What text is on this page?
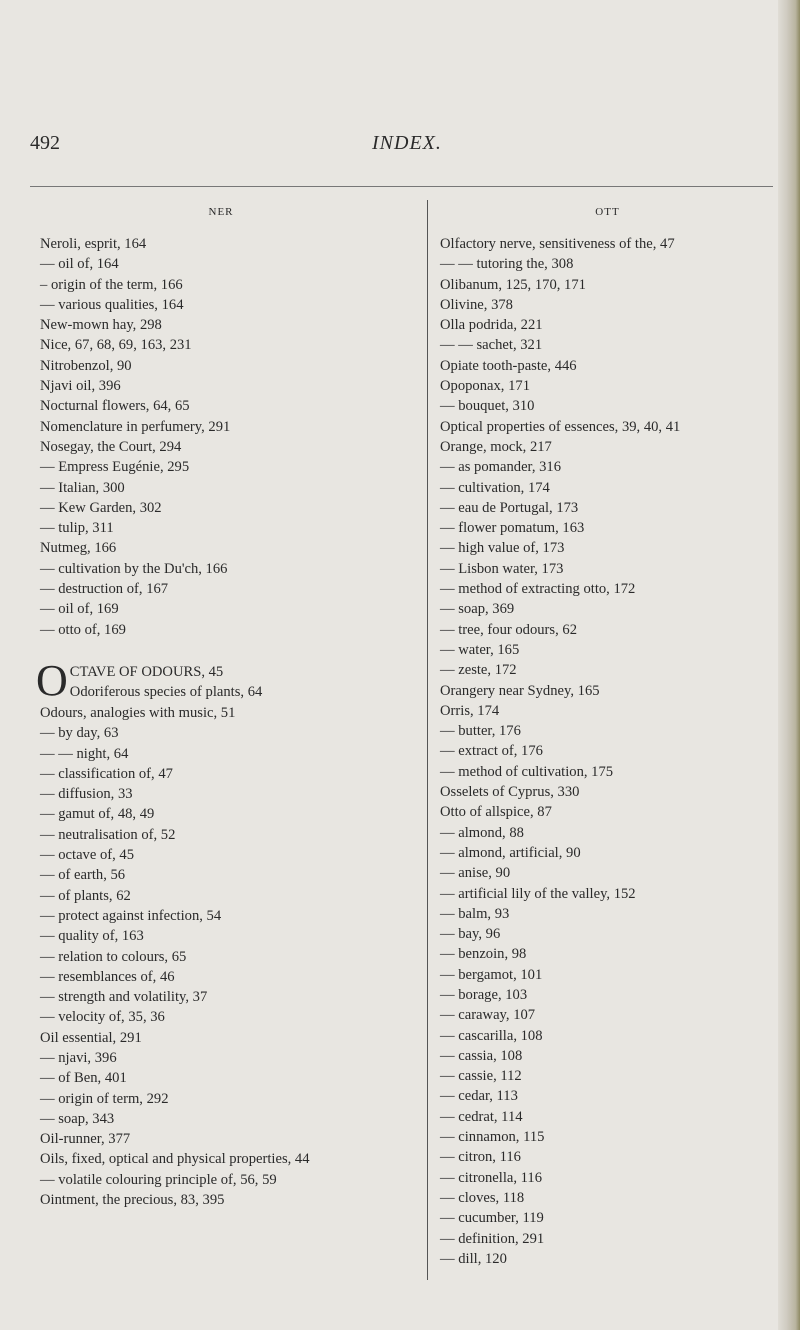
492	INDEX.
NER
Neroli, esprit, 164
— oil of, 164
– origin of the term, 166
— various qualities, 164
New-mown hay, 298
Nice, 67, 68, 69, 163, 231
Nitrobenzol, 90
Njavi oil, 396
Nocturnal flowers, 64, 65
Nomenclature in perfumery, 291
Nosegay, the Court, 294
— Empress Eugénie, 295
— Italian, 300
— Kew Garden, 302
— tulip, 311
Nutmeg, 166
— cultivation by the Du'ch, 166
— destruction of, 167
— oil of, 169
— otto of, 169
O CTAVE OF ODOURS, 45
Odoriferous species of plants, 64
Odours, analogies with music, 51
— by day, 63
— — night, 64
— classification of, 47
— diffusion, 33
— gamut of, 48, 49
— neutralisation of, 52
— octave of, 45
— of earth, 56
— of plants, 62
— protect against infection, 54
— quality of, 163
— relation to colours, 65
— resemblances of, 46
— strength and volatility, 37
— velocity of, 35, 36
Oil essential, 291
— njavi, 396
— of Ben, 401
— origin of term, 292
— soap, 343
Oil-runner, 377
Oils, fixed, optical and physical properties, 44
— volatile colouring principle of, 56, 59
Ointment, the precious, 83, 395
OTT
Olfactory nerve, sensitiveness of the, 47
— — tutoring the, 308
Olibanum, 125, 170, 171
Olivine, 378
Olla podrida, 221
— — sachet, 321
Opiate tooth-paste, 446
Opoponax, 171
— bouquet, 310
Optical properties of essences, 39, 40, 41
Orange, mock, 217
— as pomander, 316
— cultivation, 174
— eau de Portugal, 173
— flower pomatum, 163
— high value of, 173
— Lisbon water, 173
— method of extracting otto, 172
— soap, 369
— tree, four odours, 62
— water, 165
— zeste, 172
Orangery near Sydney, 165
Orris, 174
— butter, 176
— extract of, 176
— method of cultivation, 175
Osselets of Cyprus, 330
Otto of allspice, 87
— almond, 88
— almond, artificial, 90
— anise, 90
— artificial lily of the valley, 152
— balm, 93
— bay, 96
— benzoin, 98
— bergamot, 101
— borage, 103
— caraway, 107
— cascarilla, 108
— cassia, 108
— cassie, 112
— cedar, 113
— cedrat, 114
— cinnamon, 115
— citron, 116
— citronella, 116
— cloves, 118
— cucumber, 119
— definition, 291
— dill, 120
